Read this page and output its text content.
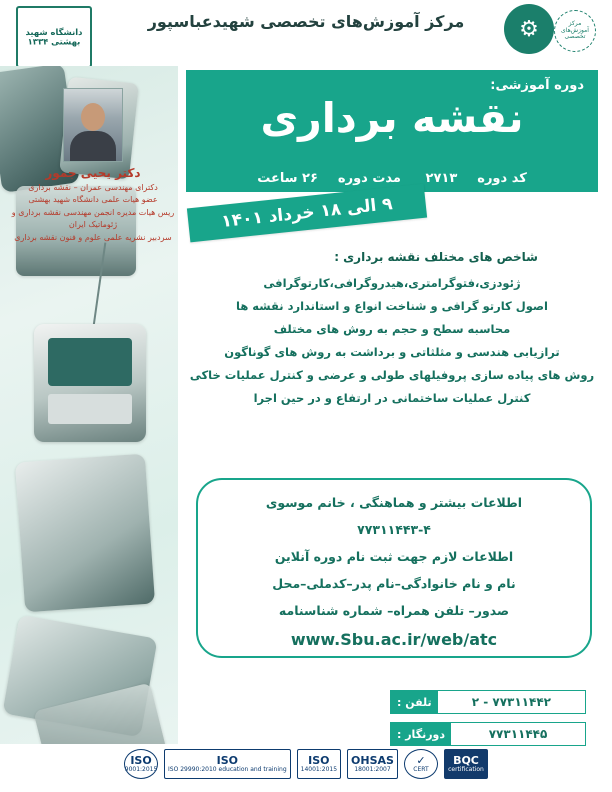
دانشگاه شهید بهشتی ۱۳۳۴
مرکز آموزش‌های تخصصی شهیدعباسپور	⚙	مرکز آموزش‌های تخصصی
دکتر یحیی جمور
دکترای مهندسی عمران – نقشه برداری
عضو هیات علمی دانشگاه شهید بهشتی
ریس هیات مدیره انجمن مهندسی نقشه برداری و ژئوماتیک ایران
سردبیر نشریه علمی علوم و فنون نقشه برداری
دوره آموزشی:
نقشه برداری
کد دوره۲۷۱۳ مدت دوره۲۶ ساعت
۹ الی ۱۸ خرداد ۱۴۰۱
شاخص های مختلف نقشه برداری :
ژئودزی،فتوگرامتری،هیدروگرافی،کارتوگرافی
اصول کارتو گرافی و شناخت انواع و استاندارد نقشه ها
محاسبه سطح و حجم به روش های مختلف
ترازیابی هندسی و مثلثاتی و برداشت به روش های گوناگون
روش های پیاده سازی پروفیلهای طولی و عرضی و کنترل عملیات خاکی
کنترل عملیات ساختمانی در ارتفاع و در حین اجرا
اطلاعات بیشتر و هماهنگی ، خانم موسوی
۷۷۳۱۱۴۴۳-۴
اطلاعات لازم جهت ثبت نام دوره آنلاین
نام و نام خانوادگی–نام پدر–کدملی–محل
صدور– تلفن همراه– شماره شناسنامه
www.Sbu.ac.ir/web/atc
۷۷۳۱۱۴۴۲ - ۲
تلفن :
۷۷۳۱۱۴۴۵
دورنگار :
ISO
9001:2015
ISO
ISO 29990:2010 education and training
ISO
14001:2015
OHSAS
18001:2007
✓
CERT
BQC
certification
